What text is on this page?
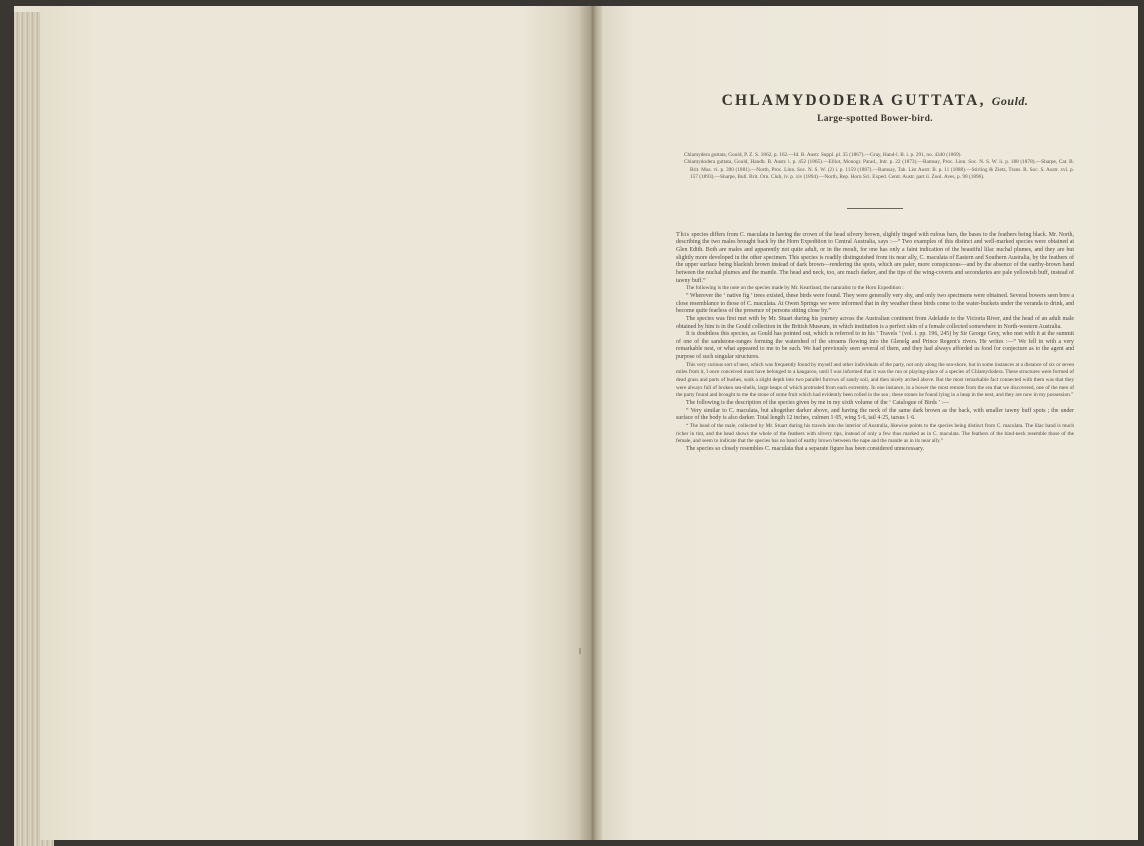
CHLAMYDODERA GUTTATA, Gould.
Large-spotted Bower-bird.

Chlamydera guttata, Gould, P. Z. S. 1862, p. 162.—Id. B. Austr. Suppl. pl. 35 (1867).—Gray, Hand-l. B. i. p. 291, no. 4340 (1869).

Chlamydodera guttata, Gould, Handb. B. Austr. i. p. 452 (1865).—Elliot, Monogr. Parad., Intr. p. 22 (1873).—Ramsay, Proc. Linn. Soc. N. S. W. ii. p. 188 (1878).—Sharpe, Cat. B. Brit. Mus. vi. p. 390 (1881).—North, Proc. Linn. Soc. N. S. W. (2) i. p. 1159 (1887).—Ramsay, Tab. List Austr. B. p. 11 (1888).—Stirling & Zietz, Trans. R. Soc. S. Austr. xvi. p. 157 (1893).—Sharpe, Bull. Brit. Orn. Club, iv. p. xiv (1894).—North, Rep. Horn Sci. Exped. Centr. Austr. part ii. Zool. Aves, p. 90 (1896).

This species differs from C. maculata in having the crown of the head silvery brown, slightly tinged with rufous bars, the bases to the feathers being black. Mr. North, describing the two males brought back by the Horn Expedition to Central Australia, says :—“ Two examples of this distinct and well-marked species were obtained at Glen Edith. Both are males and apparently not quite adult, or in the moult, for one has only a faint indication of the beautiful lilac nuchal plumes, and they are but slightly more developed in the other specimen. This species is readily distinguished from its near ally, C. maculata of Eastern and Southern Australia, by the feathers of the upper surface being blackish brown instead of dark brown—rendering the spots, which are paler, more conspicuous—and by the absence of the earthy-brown band between the nuchal plumes and the mantle. The head and neck, too, are much darker, and the tips of the wing-coverts and secondaries are pale yellowish buff, instead of tawny buff.”

The following is the note on the species made by Mr. Keartland, the naturalist to the Horn Expedition :

“ Wherever the ‘ native fig ’ trees existed, these birds were found. They were generally very shy, and only two specimens were obtained. Several bowers seen bore a close resemblance to those of C. maculata. At Owen Springs we were informed that in dry weather these birds come to the water-buckets under the veranda to drink, and become quite fearless of the presence of persons sitting close by.”

The species was first met with by Mr. Stuart during his journey across the Australian continent from Adelaide to the Victoria River, and the head of an adult male obtained by him is in the Gould collection in the British Museum, in which institution is a perfect skin of a female collected somewhere in North-western Australia.

It is doubtless this species, as Gould has pointed out, which is referred to in his ‘ Travels ’ (vol. i. pp. 196, 245) by Sir George Grey, who met with it at the summit of one of the sandstone-ranges forming the watershed of the streams flowing into the Glenelg and Prince Regent's rivers. He writes :—“ We fell in with a very remarkable nest, or what appeared to me to be such. We had previously seen several of them, and they had always afforded us food for conjecture as to the agent and purpose of such singular structures.

This very curious sort of nest, which was frequently found by myself and other individuals of the party, not only along the sea-shore, but in some instances at a distance of six or seven miles from it, I once conceived must have belonged to a kangaroo, until I was informed that it was the run or playing-place of a species of Chlamydodera. These structures were formed of dead grass and parts of bushes, sunk a slight depth into two parallel furrows of sandy soil, and then nicely arched above. But the most remarkable fact connected with them was that they were always full of broken sea-shells, large heaps of which protruded from each extremity. In one instance, in a bower the most remote from the sea that we discovered, one of the men of the party found and brought to me the stone of some fruit which had evidently been rolled in the sea ; these stones he found lying in a heap in the nest, and they are now in my possession.”

The following is the description of the species given by me in my sixth volume of the ‘ Catalogue of Birds ’ :—

“ Very similar to C. maculata, but altogether darker above, and having the neck of the same dark brown as the back, with smaller tawny buff spots ; the under surface of the body is also darker. Total length 12 inches, culmen 1·05, wing 5·6, tail 4·25, tarsus 1·6.

“ The head of the male, collected by Mr. Stuart during his travels into the interior of Australia, likewise points to the species being distinct from C. maculata. The lilac band is much richer in tint, and the head shows the whole of the feathers with silvery tips, instead of only a few thus marked as in C. maculata. The feathers of the hind-neck resemble those of the female, and seem to indicate that the species has no band of earthy brown between the nape and the mantle as in its near ally.”

The species so closely resembles C. maculata that a separate figure has been considered unnecessary.
